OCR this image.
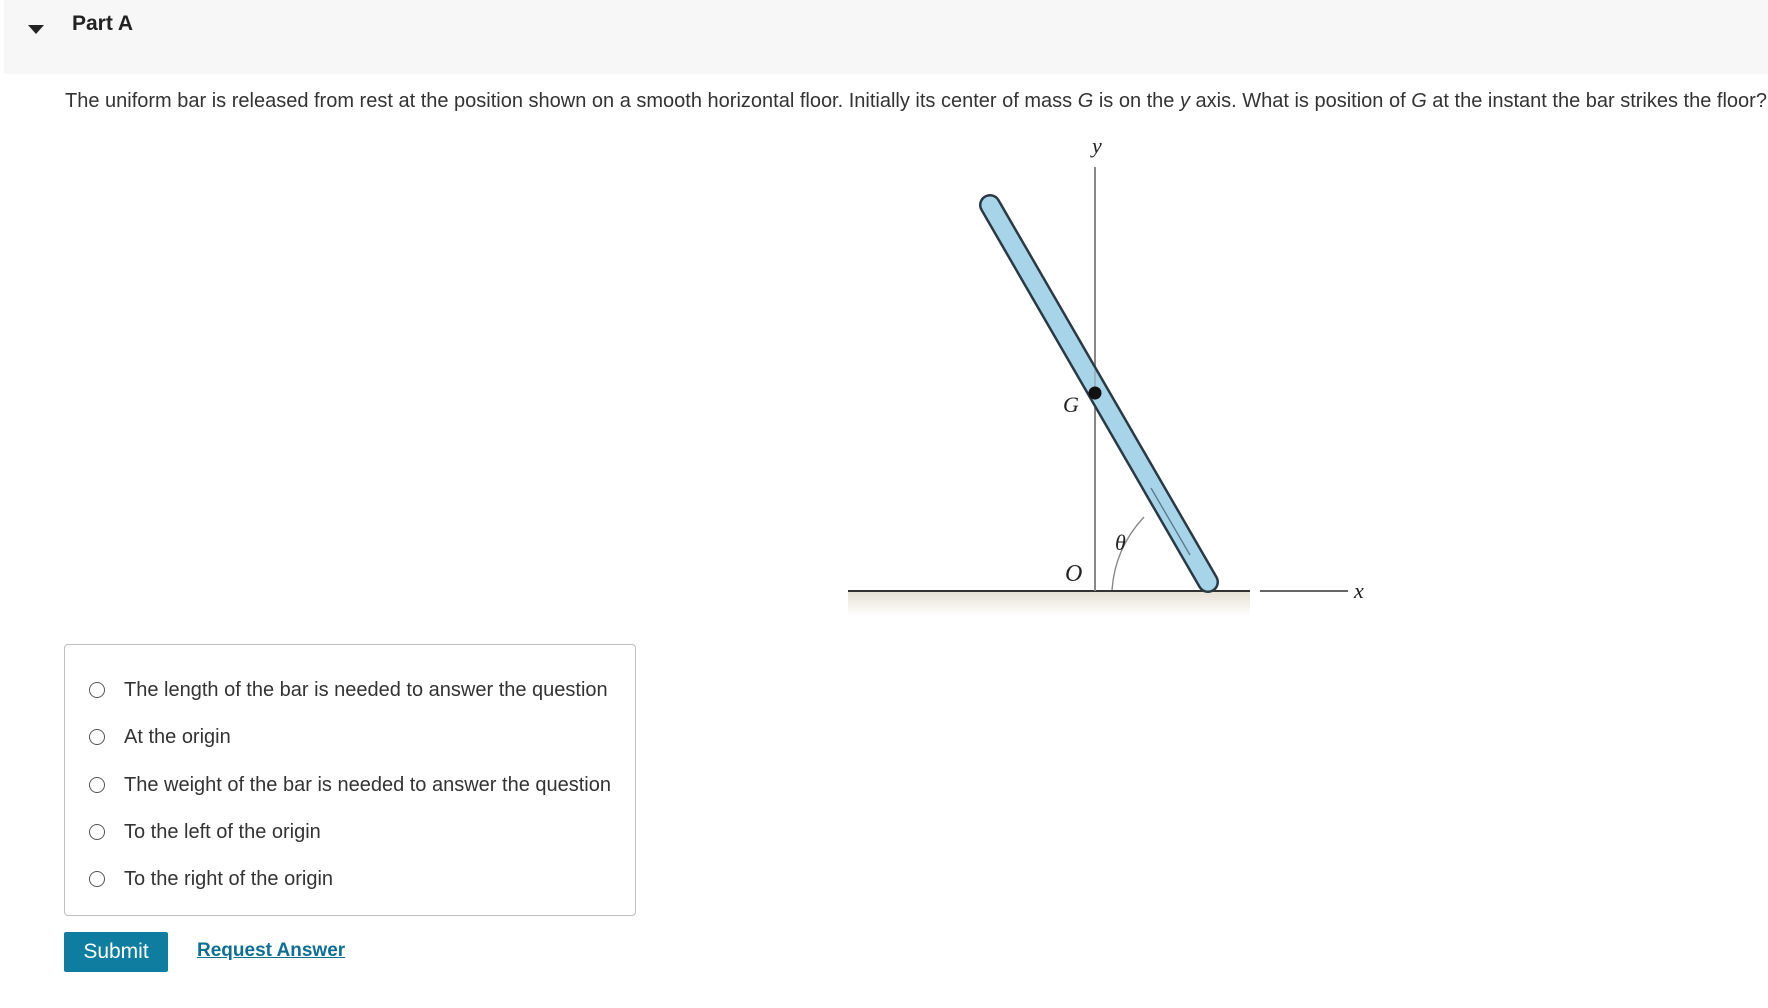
Part A
The uniform bar is released from rest at the position shown on a smooth horizontal floor. Initially its center of mass G is on the y axis. What is position of G at the instant the bar strikes the floor?
y
G
θ
O
x
The length of the bar is needed to answer the question
At the origin
The weight of the bar is needed to answer the question
To the left of the origin
To the right of the origin
Submit	Request Answer
